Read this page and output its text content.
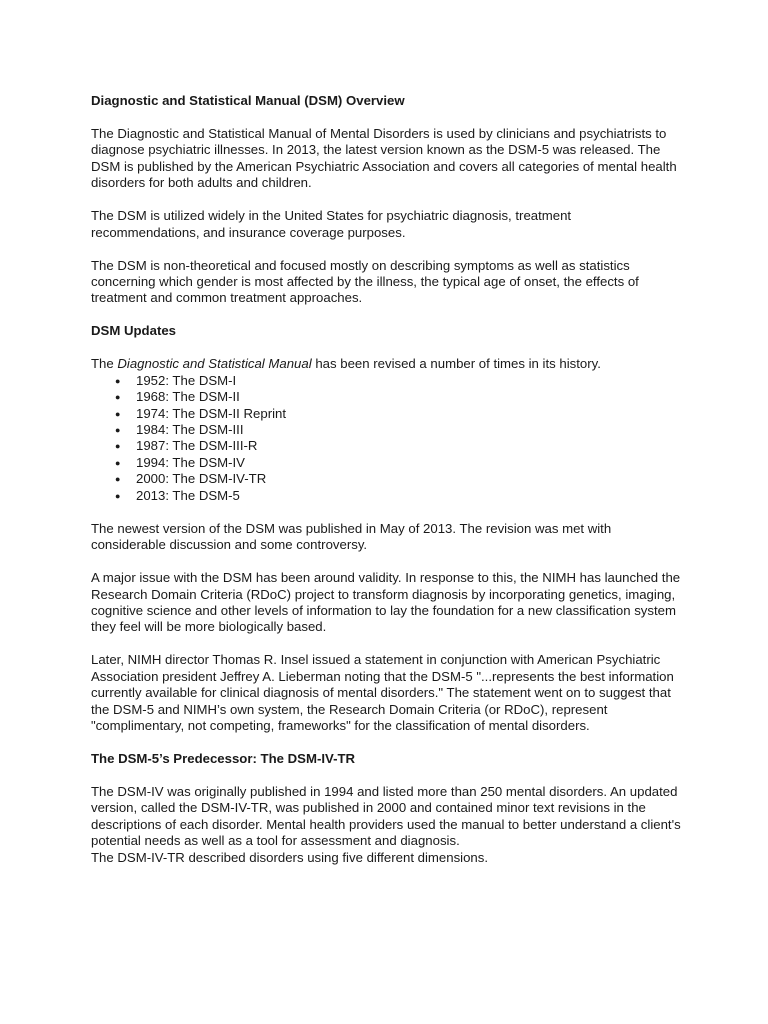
Diagnostic and Statistical Manual (DSM) Overview

The Diagnostic and Statistical Manual of Mental Disorders is used by clinicians and psychiatrists to diagnose psychiatric illnesses. In 2013, the latest version known as the DSM-5 was released. The DSM is published by the American Psychiatric Association and covers all categories of mental health disorders for both adults and children.

The DSM is utilized widely in the United States for psychiatric diagnosis, treatment recommendations, and insurance coverage purposes.

The DSM is non-theoretical and focused mostly on describing symptoms as well as statistics concerning which gender is most affected by the illness, the typical age of onset, the effects of treatment and common treatment approaches.

DSM Updates

The Diagnostic and Statistical Manual has been revised a number of times in its history.

● 1952: The DSM-I
● 1968: The DSM-II
● 1974: The DSM-II Reprint
● 1984: The DSM-III
● 1987: The DSM-III-R
● 1994: The DSM-IV
● 2000: The DSM-IV-TR
● 2013: The DSM-5

The newest version of the DSM was published in May of 2013. The revision was met with considerable discussion and some controversy.

A major issue with the DSM has been around validity. In response to this, the NIMH has launched the Research Domain Criteria (RDoC) project to transform diagnosis by incorporating genetics, imaging, cognitive science and other levels of information to lay the foundation for a new classification system they feel will be more biologically based.

Later, NIMH director Thomas R. Insel issued a statement in conjunction with American Psychiatric Association president Jeffrey A. Lieberman noting that the DSM-5 "...represents the best information currently available for clinical diagnosis of mental disorders." The statement went on to suggest that the DSM-5 and NIMH’s own system, the Research Domain Criteria (or RDoC), represent "complimentary, not competing, frameworks" for the classification of mental disorders.

The DSM-5’s Predecessor: The DSM-IV-TR

The DSM-IV was originally published in 1994 and listed more than 250 mental disorders. An updated version, called the DSM-IV-TR, was published in 2000 and contained minor text revisions in the descriptions of each disorder. Mental health providers used the manual to better understand a client's potential needs as well as a tool for assessment and diagnosis.

The DSM-IV-TR described disorders using five different dimensions.
